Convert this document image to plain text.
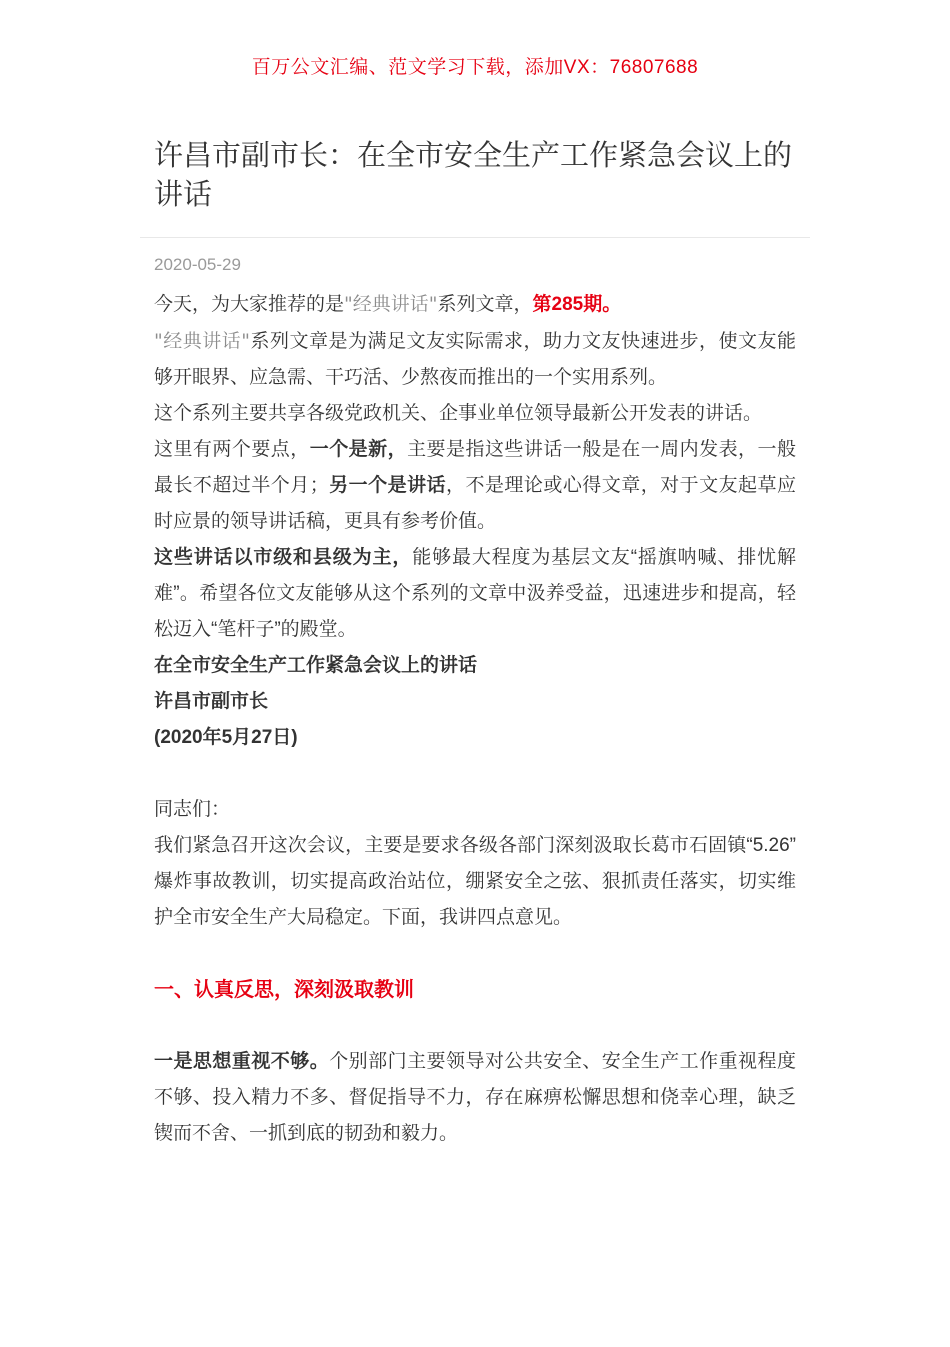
百万公文汇编、范文学习下载，添加VX：76807688
许昌市副市长：在全市安全生产工作紧急会议上的讲话
2020-05-29

今天，为大家推荐的是"经典讲话"系列文章，第285期。

"经典讲话"系列文章是为满足文友实际需求，助力文友快速进步，使文友能够开眼界、应急需、干巧活、少熬夜而推出的一个实用系列。

这个系列主要共享各级党政机关、企事业单位领导最新公开发表的讲话。

这里有两个要点，一个是新，主要是指这些讲话一般是在一周内发表，一般最长不超过半个月；另一个是讲话，不是理论或心得文章，对于文友起草应时应景的领导讲话稿，更具有参考价值。

这些讲话以市级和县级为主，能够最大程度为基层文友“摇旗呐喊、排忧解难”。希望各位文友能够从这个系列的文章中汲养受益，迅速进步和提高，轻松迈入“笔杆子”的殿堂。

在全市安全生产工作紧急会议上的讲话

许昌市副市长

(2020年5月27日)

同志们：

我们紧急召开这次会议，主要是要求各级各部门深刻汲取长葛市石固镇“5.26”爆炸事故教训，切实提高政治站位，绷紧安全之弦、狠抓责任落实，切实维护全市安全生产大局稳定。下面，我讲四点意见。

一、认真反思，深刻汲取教训

一是思想重视不够。个别部门主要领导对公共安全、安全生产工作重视程度不够、投入精力不多、督促指导不力，存在麻痹松懈思想和侥幸心理，缺乏锲而不舍、一抓到底的韧劲和毅力。
